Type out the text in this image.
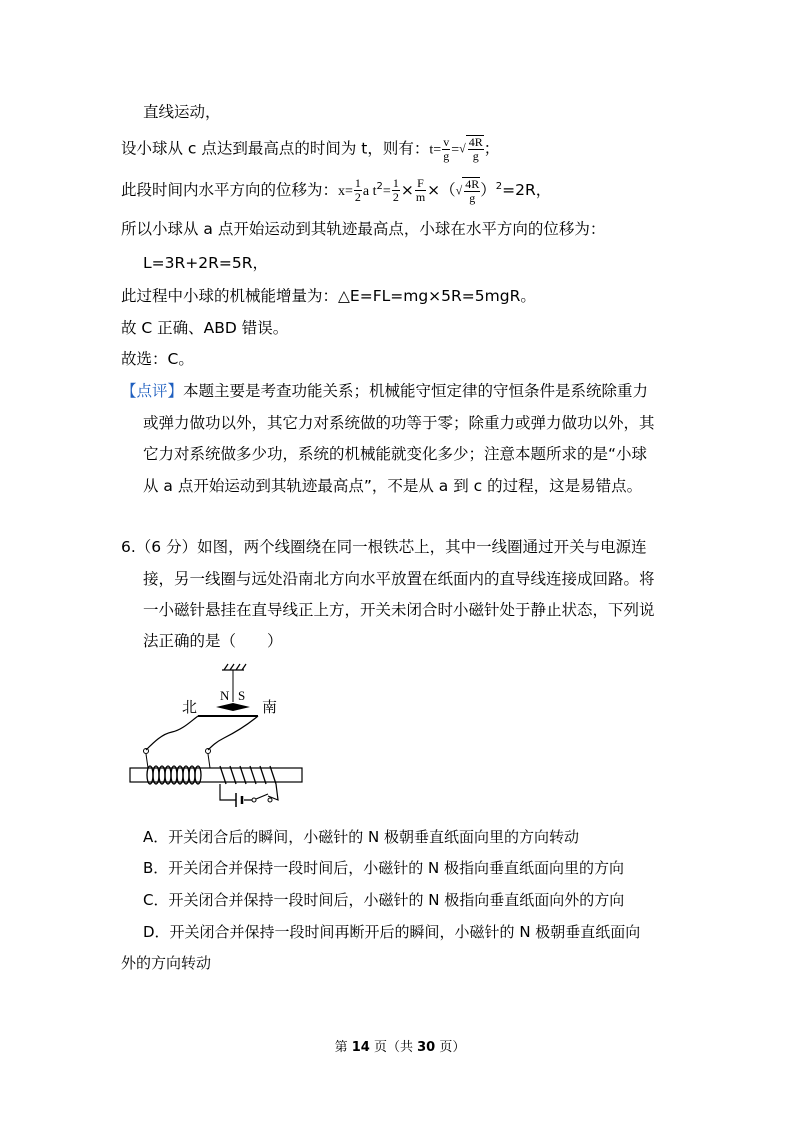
直线运动，
设小球从 c 点达到最高点的时间为 t，则有：$t= \frac{v}{g}$ =√ $\frac{4R}{g}$ ；
此段时间内水平方向的位移为：$x= \frac{1}{2}$ a $t^2= \frac{1}{2} \times \frac{F}{m}$ ×（√ $\frac{4R}{g} )^2=2R$，
所以小球从 a 点开始运动到其轨迹最高点，小球在水平方向的位移为：
L=3R+2R=5R，
此过程中小球的机械能增量为：△E=FL=mg×5R=5mgR。
故 C 正确、ABD 错误。
故选：C。
【点评】本题主要是考查功能关系；机械能守恒定律的守恒条件是系统除重力
或弹力做功以外，其它力对系统做的功等于零；除重力或弹力做功以外，其
它力对系统做多少功，系统的机械能就变化多少；注意本题所求的是“小球
从 a 点开始运动到其轨迹最高点”，不是从 a 到 c 的过程，这是易错点。
6.（6 分）如图，两个线圈绕在同一根铁芯上，其中一线圈通过开关与电源连
接，另一线圈与远处沿南北方向水平放置在纸面内的直导线连接成回路。将
一小磁针悬挂在直导线正上方，开关未闭合时小磁针处于静止状态，下列说
法正确的是（　　）
N S
北	南
A．开关闭合后的瞬间，小磁针的 N 极朝垂直纸面向里的方向转动
B．开关闭合并保持一段时间后，小磁针的 N 极指向垂直纸面向里的方向
C．开关闭合并保持一段时间后，小磁针的 N 极指向垂直纸面向外的方向
D．开关闭合并保持一段时间再断开后的瞬间，小磁针的 N 极朝垂直纸面向
外的方向转动
第 14 页（共 30 页）
